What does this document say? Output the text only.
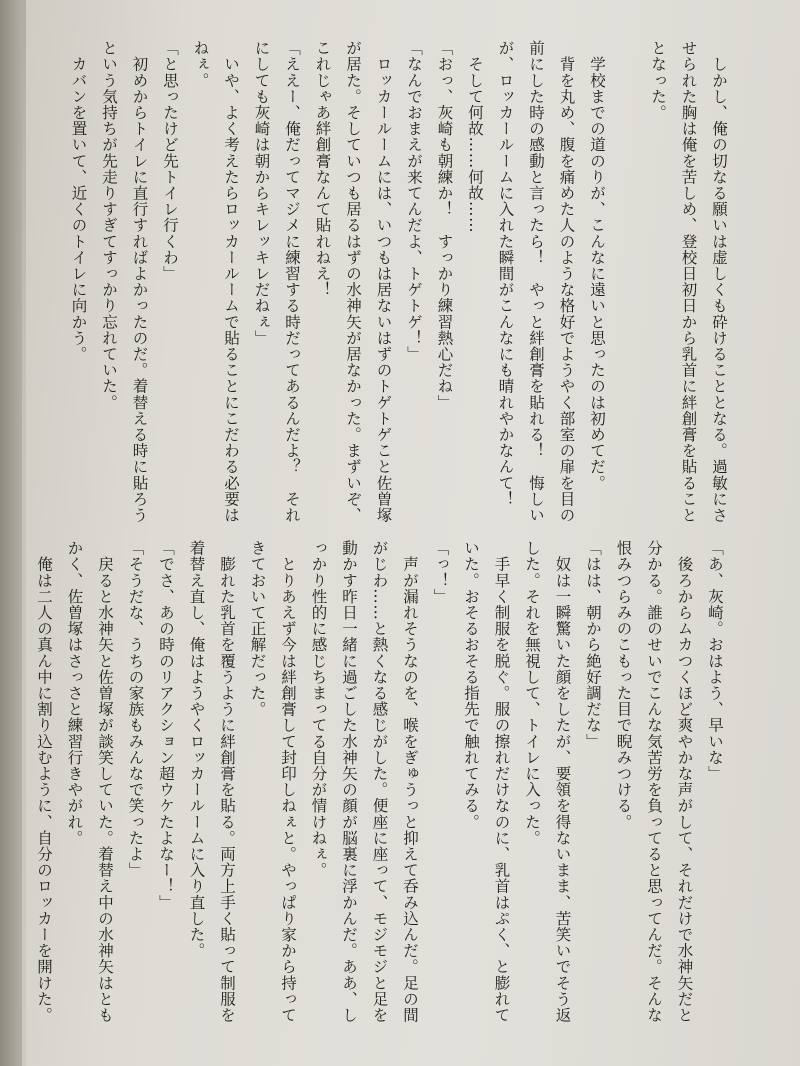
　しかし、俺の切なる願いは虚しくも砕けることとなる。過敏にさ
せられた胸は俺を苦しめ、登校日初日から乳首に絆創膏を貼ること
となった。

　学校までの道のりが、こんなに遠いと思ったのは初めてだ。
　背を丸め、腹を痛めた人のような格好でようやく部室の扉を目の
前にした時の感動と言ったら！　やっと絆創膏を貼れる！　悔しい
が、ロッカールームに入れた瞬間がこんなにも晴れやかなんて！
　そして何故……何故……
「おっ、灰崎も朝練か！　すっかり練習熱心だね」
「なんでおまえが来てんだよ、トゲトゲ！」
　ロッカールームには、いつもは居ないはずのトゲトゲこと佐曽塚
が居た。そしていつも居るはずの水神矢が居なかった。まずいぞ、
これじゃあ絆創膏なんて貼れねえ！
「ええー、俺だってマジメに練習する時だってあるんだよ？　それ
にしても灰崎は朝からキレッキレだねぇ」
　いや、よく考えたらロッカールームで貼ることにこだわる必要は
ねぇ。
「と思ったけど先トイレ行くわ」
　初めからトイレに直行すればよかったのだ。着替える時に貼ろう
という気持ちが先走りすぎてすっかり忘れていた。
　カバンを置いて、近くのトイレに向かう。
「あ、灰崎。おはよう、早いな」
　後ろからムカつくほど爽やかな声がして、それだけで水神矢だと
分かる。誰のせいでこんな気苦労を負ってると思ってんだ。そんな
恨みつらみのこもった目で睨みつける。
「はは、朝から絶好調だな」
　奴は一瞬驚いた顔をしたが、要領を得ないまま、苦笑いでそう返
した。それを無視して、トイレに入った。
　手早く制服を脱ぐ。服の擦れだけなのに、乳首はぷく、と膨れて
いた。おそるおそる指先で触れてみる。
「っ！」
　声が漏れそうなのを、喉をぎゅうっと抑えて呑み込んだ。足の間
がじわ……と熱くなる感じがした。便座に座って、モジモジと足を
動かす昨日一緒に過ごした水神矢の顔が脳裏に浮かんだ。ああ、し
っかり性的に感じちまってる自分が情けねぇ。
　とりあえず今は絆創膏して封印しねぇと。やっぱり家から持って
きておいて正解だった。
　膨れた乳首を覆うように絆創膏を貼る。両方上手く貼って制服を
着替え直し、俺はようやくロッカールームに入り直した。
「でさ、あの時のリアクション超ウケたよなー！」
「そうだな、うちの家族もみんなで笑ったよ」
　戻ると水神矢と佐曽塚が談笑していた。着替え中の水神矢はとも
かく、佐曽塚はさっさと練習行きやがれ。
　俺は二人の真ん中に割り込むように、自分のロッカーを開けた。
